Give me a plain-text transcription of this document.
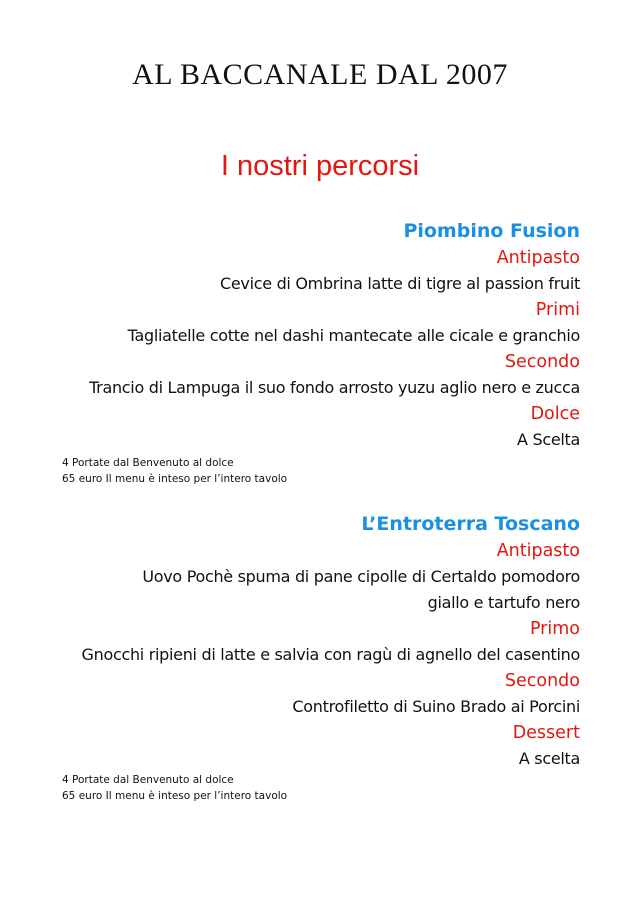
AL BACCANALE DAL 2007
I nostri percorsi
Piombino Fusion
Antipasto
Cevice di Ombrina latte di tigre al passion fruit
Primi
Tagliatelle cotte nel dashi mantecate alle cicale e granchio
Secondo
Trancio di Lampuga il suo fondo arrosto yuzu aglio nero e zucca
Dolce
A Scelta
4 Portate dal Benvenuto al dolce
65 euro Il menu è inteso per l’intero tavolo
L’Entroterra Toscano
Antipasto
Uovo Pochè spuma di pane cipolle di Certaldo pomodoro
giallo e tartufo nero
Primo
Gnocchi ripieni di latte e salvia con ragù di agnello del casentino
Secondo
Controfiletto di Suino Brado ai Porcini
Dessert
A scelta
4 Portate dal Benvenuto al dolce
65 euro Il menu è inteso per l’intero tavolo
